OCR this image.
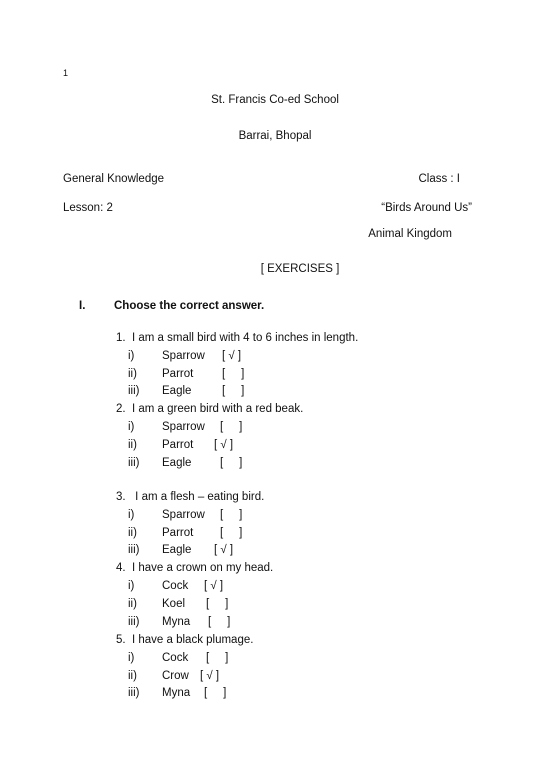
1
St. Francis Co-ed School
Barrai, Bhopal
General Knowledge	Class : I
Lesson: 2	“Birds Around Us”
Animal Kingdom
[ EXERCISES ]
I. Choose the correct answer.
1.  I am a small bird with 4 to 6 inches in length.
i) Sparrow [ √ ]
ii) Parrot [     ]
iii) Eagle	[     ]
2.  I am a green bird with a red beak.
i) Sparrow [     ]
ii) Parrot [ √ ]
iii) Eagle [     ]
3.   I am a flesh – eating bird.
i) Sparrow [     ]
ii) Parrot [     ]
iii) Eagle [ √ ]
4.  I have a crown on my head.
i) Cock [ √ ]
ii) Koel [     ]
iii) Myna [     ]
5.  I have a black plumage.
i) Cock [     ]
ii) Crow [ √ ]
iii) Myna [     ]
